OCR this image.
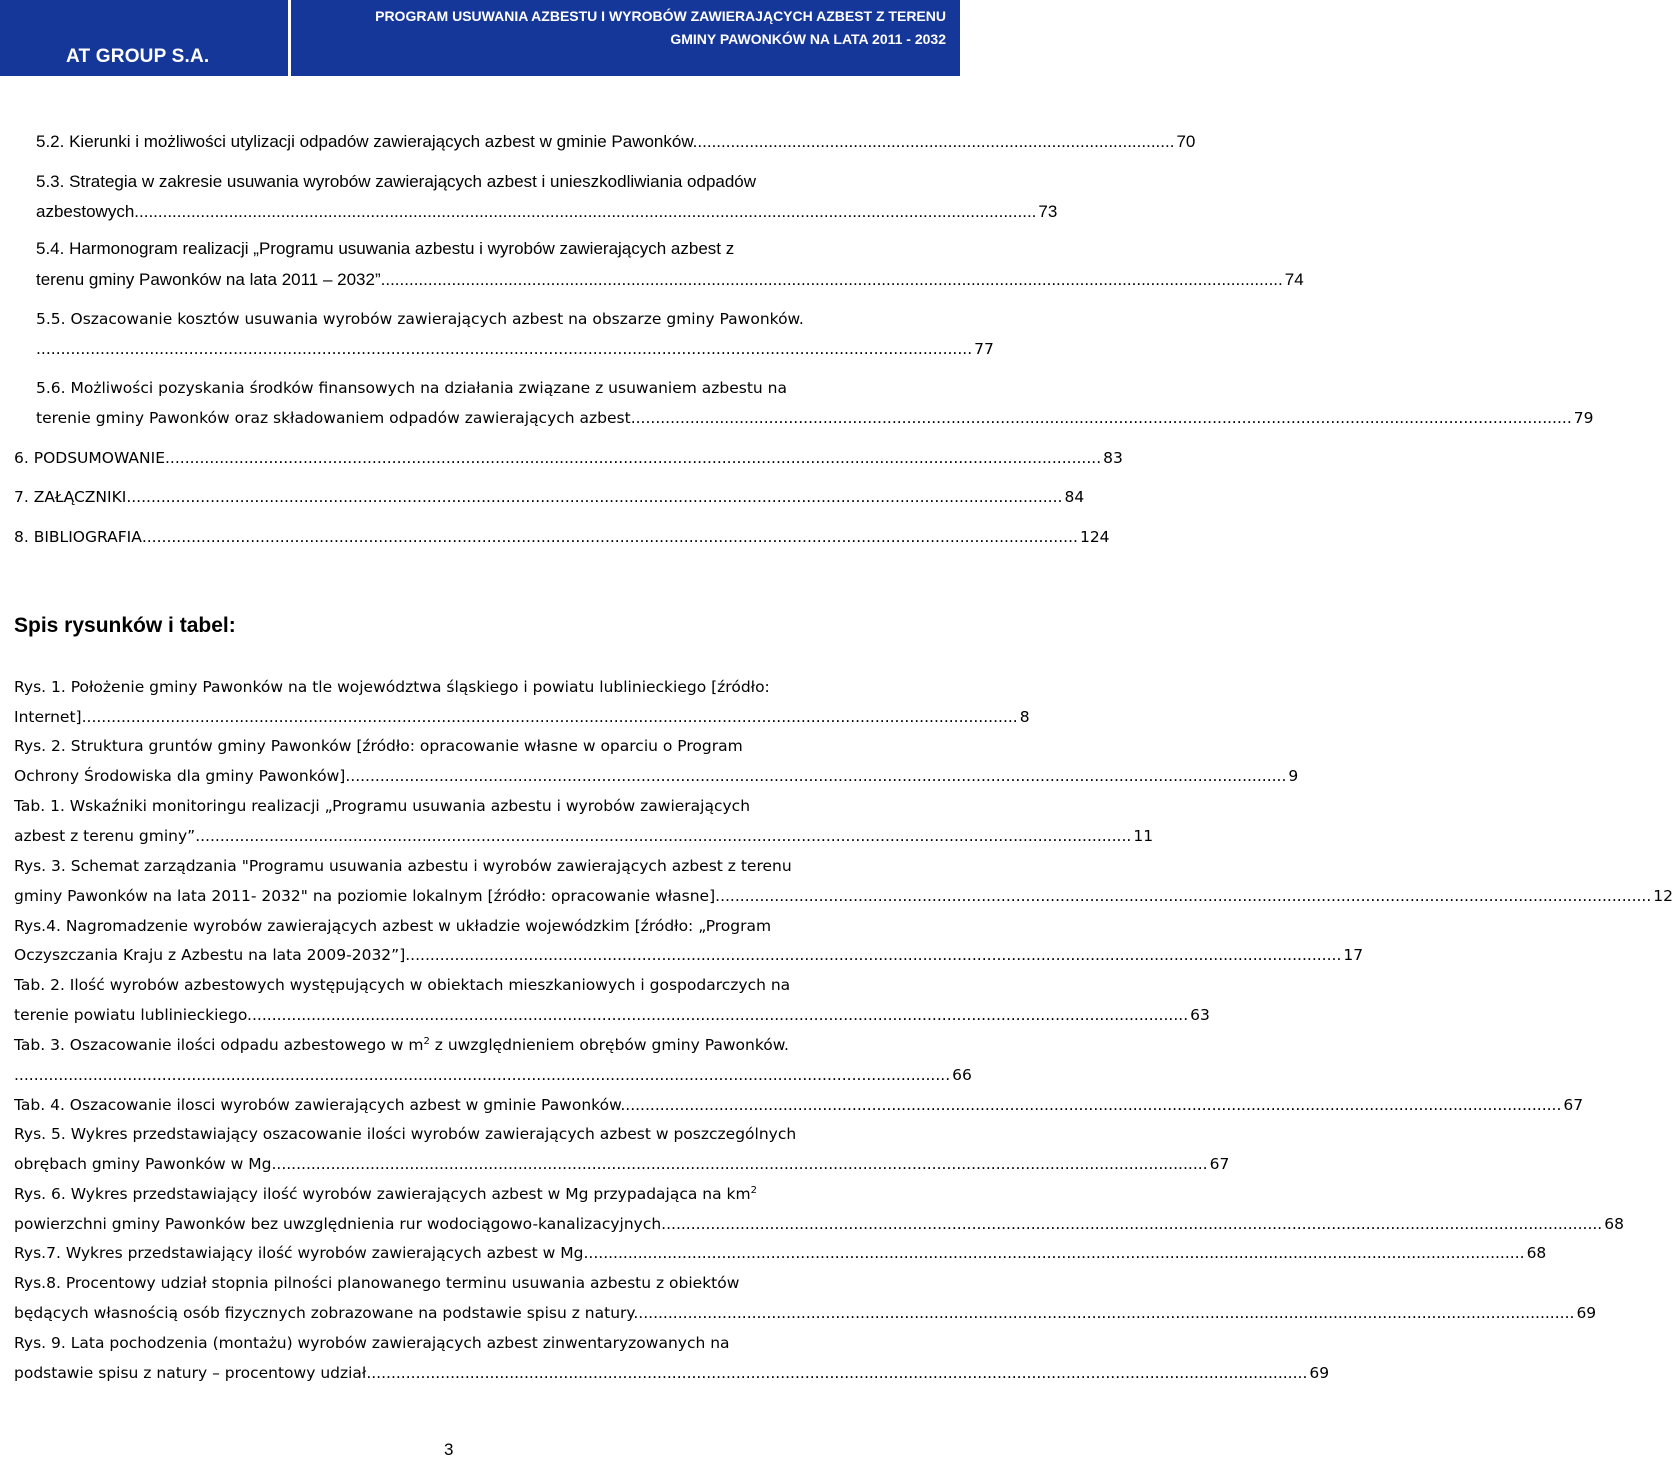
AT GROUP S.A.
PROGRAM USUWANIA AZBESTU I WYROBÓW ZAWIERAJĄCYCH AZBEST Z TERENU
GMINY PAWONKÓW NA LATA 2011 - 2032
5.2. Kierunki i możliwości utylizacji odpadów zawierających azbest w gminie Pawonków. ..................................................................................................... 70
5.3. Strategia w zakresie usuwania wyrobów zawierających azbest i unieszkodliwiania odpadów
azbestowych. .............................................................................................................................................................................................. 73
5.4. Harmonogram realizacji „Programu usuwania azbestu i wyrobów zawierających azbest z
terenu gminy Pawonków na lata 2011 – 2032”. .............................................................................................................................................................................................. 74
5.5. Oszacowanie kosztów usuwania wyrobów zawierających azbest na obszarze gminy Pawonków.
.............................................................................................................................................................................................. 77
5.6. Możliwości pozyskania środków finansowych na działania związane z usuwaniem azbestu na
terenie gminy Pawonków oraz składowaniem odpadów zawierających azbest. .............................................................................................................................................................................................. 79
6. PODSUMOWANIE .............................................................................................................................................................................................. 83
7. ZAŁĄCZNIKI .............................................................................................................................................................................................. 84
8. BIBLIOGRAFIA .............................................................................................................................................................................................. 124
Spis rysunków i tabel:
Rys. 1. Położenie gminy Pawonków na tle województwa śląskiego i powiatu lublinieckiego [źródło:
Internet] .............................................................................................................................................................................................. 8
Rys. 2. Struktura gruntów gminy Pawonków [źródło: opracowanie własne w oparciu o Program
Ochrony Środowiska dla gminy Pawonków]. .............................................................................................................................................................................................. 9
Tab. 1. Wskaźniki monitoringu realizacji „Programu usuwania azbestu i wyrobów zawierających
azbest z terenu gminy” .............................................................................................................................................................................................. 11
Rys. 3. Schemat zarządzania "Programu usuwania azbestu i wyrobów zawierających azbest z terenu
gminy Pawonków na lata 2011- 2032" na poziomie lokalnym [źródło: opracowanie własne] .............................................................................................................................................................................................. 12
Rys.4. Nagromadzenie wyrobów zawierających azbest w układzie wojewódzkim [źródło: „Program
Oczyszczania Kraju z Azbestu na lata 2009-2032”] .............................................................................................................................................................................................. 17
Tab. 2. Ilość wyrobów azbestowych występujących w obiektach mieszkaniowych i gospodarczych na
terenie powiatu lublinieckiego. .............................................................................................................................................................................................. 63
Tab. 3. Oszacowanie ilości odpadu azbestowego w $m^2$ z uwzględnieniem obrębów gminy Pawonków.
.............................................................................................................................................................................................. 66
Tab. 4. Oszacowanie ilosci wyrobów zawierających azbest w gminie Pawonków. .............................................................................................................................................................................................. 67
Rys. 5. Wykres przedstawiający oszacowanie ilości wyrobów zawierających azbest w poszczególnych
obrębach gminy Pawonków w Mg .............................................................................................................................................................................................. 67
Rys. 6. Wykres przedstawiający ilość wyrobów zawierających azbest w Mg przypadająca na $km^2$
powierzchni gminy Pawonków bez uwzględnienia rur wodociągowo-kanalizacyjnych. .............................................................................................................................................................................................. 68
Rys.7. Wykres przedstawiający ilość wyrobów zawierających azbest w Mg. .............................................................................................................................................................................................. 68
Rys.8. Procentowy udział stopnia pilności planowanego terminu usuwania azbestu z obiektów
będących własnością osób fizycznych zobrazowane na podstawie spisu z natury. .............................................................................................................................................................................................. 69
Rys. 9. Lata pochodzenia (montażu) wyrobów zawierających azbest zinwentaryzowanych na
podstawie spisu z natury – procentowy udział. .............................................................................................................................................................................................. 69
3
